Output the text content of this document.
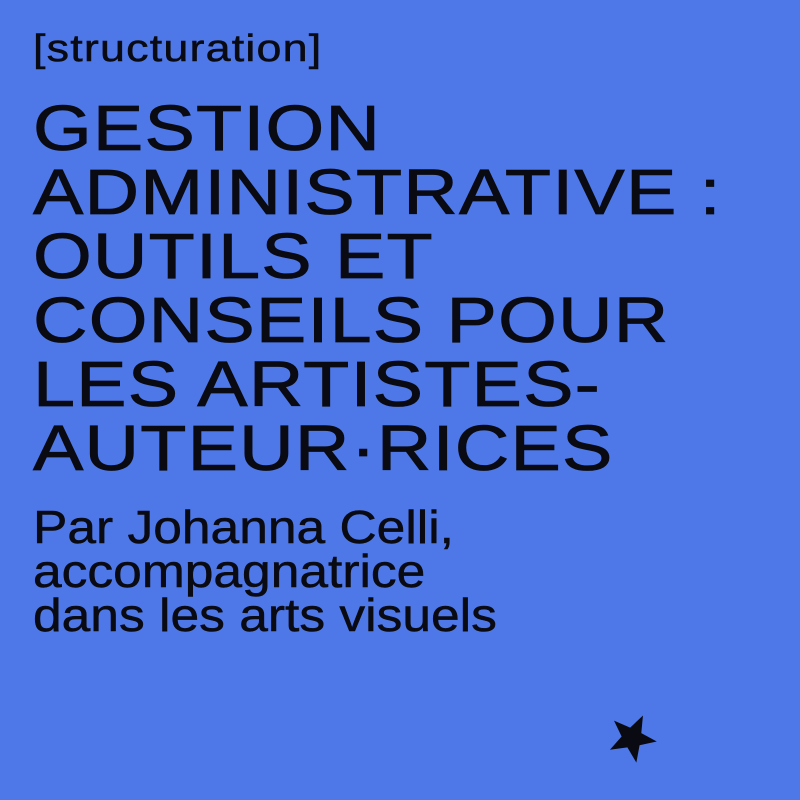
[structuration]
GESTION
ADMINISTRATIVE :
OUTILS ET
CONSEILS POUR
LES ARTISTES-
AUTEUR·RICES
Par Johanna Celli,
accompagnatrice
dans les arts visuels
